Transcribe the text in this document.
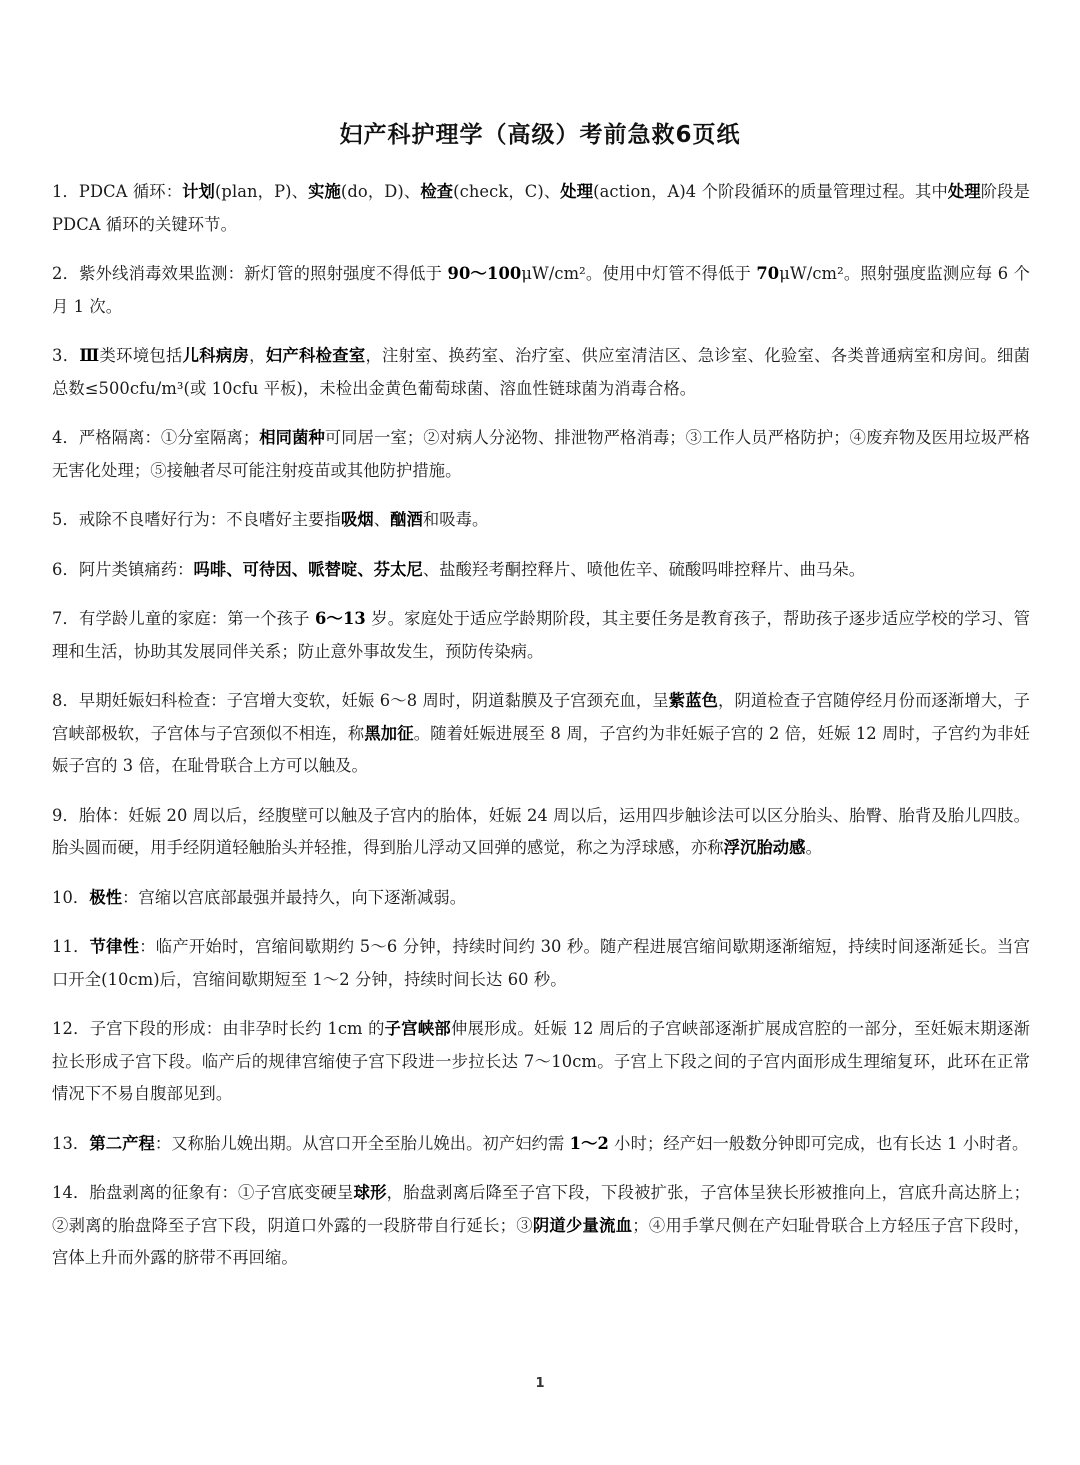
妇产科护理学（高级）考前急救6页纸
1．PDCA 循环：计划(plan，P)、实施(do，D)、检查(check，C)、处理(action，A)4 个阶段循环的质量管理过程。其中处理阶段是 PDCA 循环的关键环节。
2．紫外线消毒效果监测：新灯管的照射强度不得低于 90～100μW/cm²。使用中灯管不得低于 70μW/cm²。照射强度监测应每 6 个月 1 次。
3．Ⅲ类环境包括儿科病房，妇产科检查室，注射室、换药室、治疗室、供应室清洁区、急诊室、化验室、各类普通病室和房间。细菌总数≤500cfu/m³(或 10cfu 平板)，未检出金黄色葡萄球菌、溶血性链球菌为消毒合格。
4．严格隔离：①分室隔离；相同菌种可同居一室；②对病人分泌物、排泄物严格消毒；③工作人员严格防护；④废弃物及医用垃圾严格无害化处理；⑤接触者尽可能注射疫苗或其他防护措施。
5．戒除不良嗜好行为：不良嗜好主要指吸烟、酗酒和吸毒。
6．阿片类镇痛药：吗啡、可待因、哌替啶、芬太尼、盐酸羟考酮控释片、喷他佐辛、硫酸吗啡控释片、曲马朵。
7．有学龄儿童的家庭：第一个孩子 6～13 岁。家庭处于适应学龄期阶段，其主要任务是教育孩子，帮助孩子逐步适应学校的学习、管理和生活，协助其发展同伴关系；防止意外事故发生，预防传染病。
8．早期妊娠妇科检查：子宫增大变软，妊娠 6～8 周时，阴道黏膜及子宫颈充血，呈紫蓝色，阴道检查子宫随停经月份而逐渐增大，子宫峡部极软，子宫体与子宫颈似不相连，称黑加征。随着妊娠进展至 8 周，子宫约为非妊娠子宫的 2 倍，妊娠 12 周时，子宫约为非妊娠子宫的 3 倍，在耻骨联合上方可以触及。
9．胎体：妊娠 20 周以后，经腹壁可以触及子宫内的胎体，妊娠 24 周以后，运用四步触诊法可以区分胎头、胎臀、胎背及胎儿四肢。胎头圆而硬，用手经阴道轻触胎头并轻推，得到胎儿浮动又回弹的感觉，称之为浮球感，亦称浮沉胎动感。
10．极性：宫缩以宫底部最强并最持久，向下逐渐减弱。
11．节律性：临产开始时，宫缩间歇期约 5～6 分钟，持续时间约 30 秒。随产程进展宫缩间歇期逐渐缩短，持续时间逐渐延长。当宫口开全(10cm)后，宫缩间歇期短至 1～2 分钟，持续时间长达 60 秒。
12．子宫下段的形成：由非孕时长约 1cm 的子宫峡部伸展形成。妊娠 12 周后的子宫峡部逐渐扩展成宫腔的一部分，至妊娠末期逐渐拉长形成子宫下段。临产后的规律宫缩使子宫下段进一步拉长达 7～10cm。子宫上下段之间的子宫内面形成生理缩复环，此环在正常情况下不易自腹部见到。
13．第二产程：又称胎儿娩出期。从宫口开全至胎儿娩出。初产妇约需 1～2 小时；经产妇一般数分钟即可完成，也有长达 1 小时者。
14．胎盘剥离的征象有：①子宫底变硬呈球形，胎盘剥离后降至子宫下段，下段被扩张，子宫体呈狭长形被推向上，宫底升高达脐上；②剥离的胎盘降至子宫下段，阴道口外露的一段脐带自行延长；③阴道少量流血；④用手掌尺侧在产妇耻骨联合上方轻压子宫下段时，宫体上升而外露的脐带不再回缩。
1
